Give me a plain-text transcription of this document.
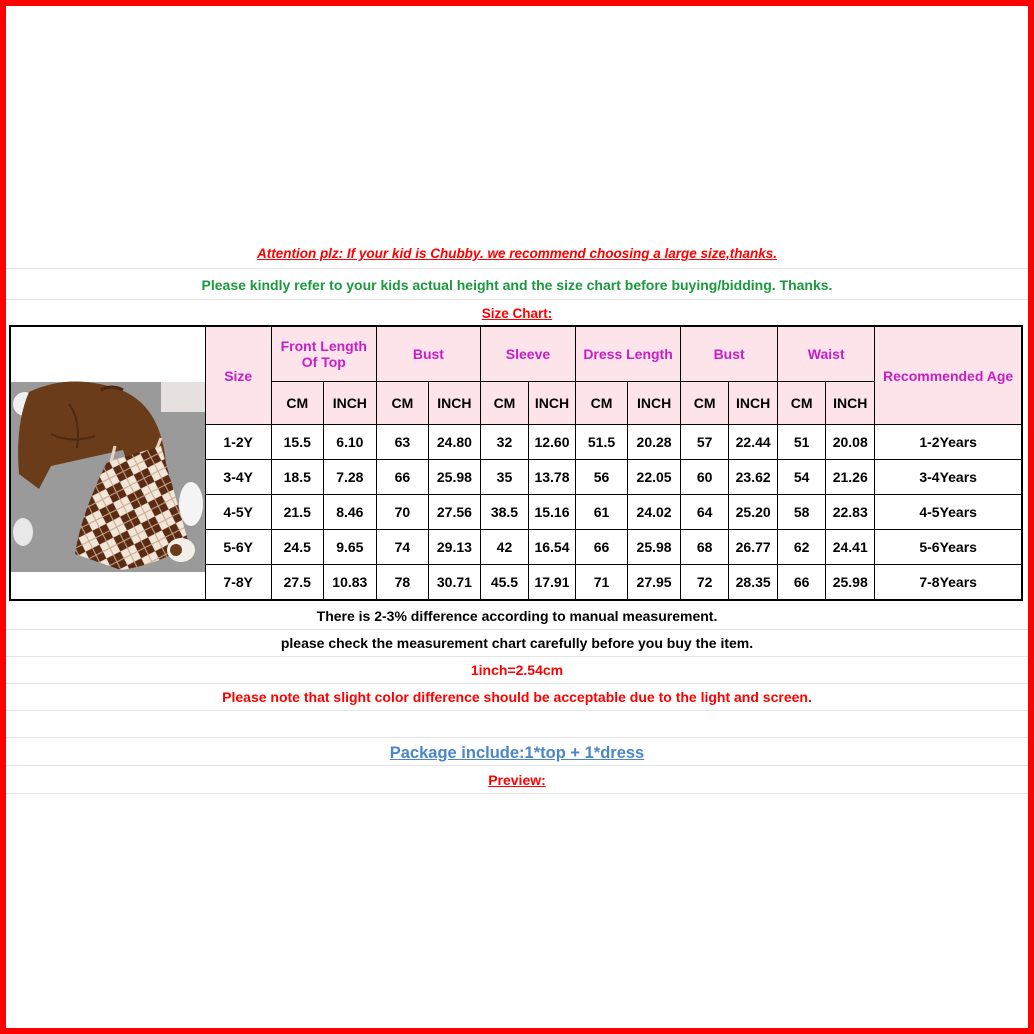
Attention plz: If your kid is Chubby. we recommend choosing a large size,thanks.
Please kindly refer to your kids actual height and the size chart before buying/bidding. Thanks.
Size Chart:
	Size	Front Length Of Top		Bust		Sleeve		Dress Length		Bust		Waist		Recommended Age
		CM	INCH	CM	INCH	CM	INCH	CM	INCH	CM	INCH	CM	INCH	
	1-2Y	15.5	6.10	63	24.80	32	12.60	51.5	20.28	57	22.44	51	20.08	1-2Years
	3-4Y	18.5	7.28	66	25.98	35	13.78	56	22.05	60	23.62	54	21.26	3-4Years
	4-5Y	21.5	8.46	70	27.56	38.5	15.16	61	24.02	64	25.20	58	22.83	4-5Years
	5-6Y	24.5	9.65	74	29.13	42	16.54	66	25.98	68	26.77	62	24.41	5-6Years
	7-8Y	27.5	10.83	78	30.71	45.5	17.91	71	27.95	72	28.35	66	25.98	7-8Years
There is 2-3% difference according to manual measurement.
please check the measurement chart carefully before you buy the item.
1inch=2.54cm
Please note that slight color difference should be acceptable due to the light and screen.
Package include:1*top + 1*dress
Preview:
